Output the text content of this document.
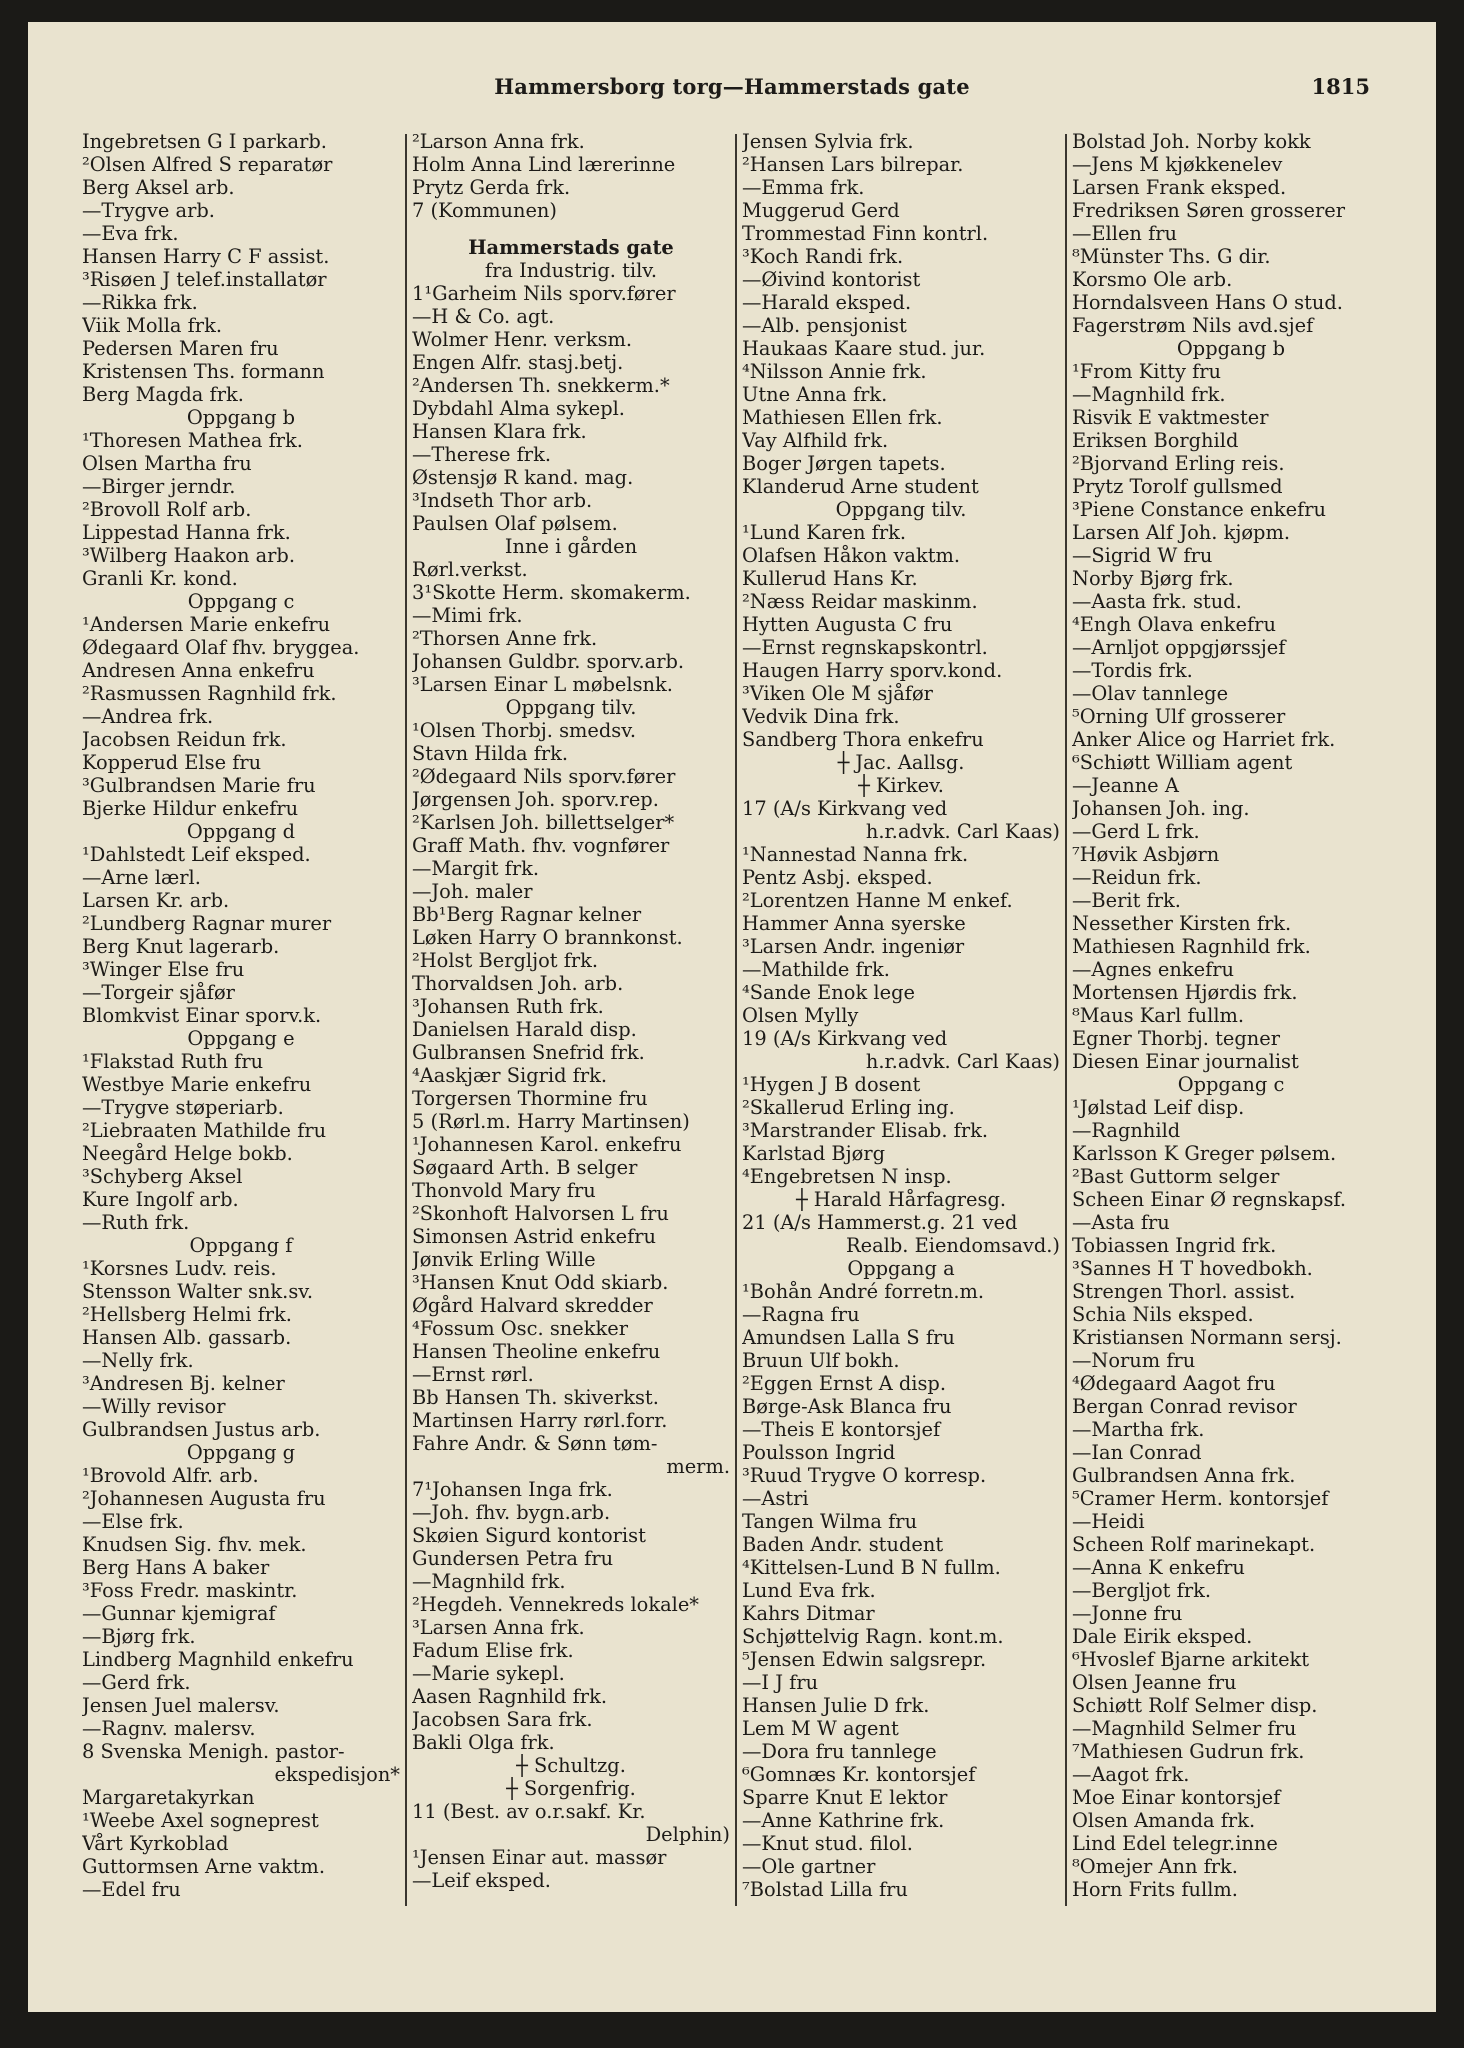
Hammersborg torg—Hammerstads gate	1815
Ingebretsen G I parkarb.
²Olsen Alfred S reparatør
Berg Aksel arb.
—Trygve arb.
—Eva frk.
Hansen Harry C F assist.
³Risøen J telef.installatør
—Rikka frk.
Viik Molla frk.
Pedersen Maren fru
Kristensen Ths. formann
Berg Magda frk.
Oppgang b
¹Thoresen Mathea frk.
Olsen Martha fru
—Birger jerndr.
²Brovoll Rolf arb.
Lippestad Hanna frk.
³Wilberg Haakon arb.
Granli Kr. kond.
Oppgang c
¹Andersen Marie enkefru
Ødegaard Olaf fhv. bryggea.
Andresen Anna enkefru
²Rasmussen Ragnhild frk.
—Andrea frk.
Jacobsen Reidun frk.
Kopperud Else fru
³Gulbrandsen Marie fru
Bjerke Hildur enkefru
Oppgang d
¹Dahlstedt Leif eksped.
—Arne lærl.
Larsen Kr. arb.
²Lundberg Ragnar murer
Berg Knut lagerarb.
³Winger Else fru
—Torgeir sjåfør
Blomkvist Einar sporv.k.
Oppgang e
¹Flakstad Ruth fru
Westbye Marie enkefru
—Trygve støperiarb.
²Liebraaten Mathilde fru
Neegård Helge bokb.
³Schyberg Aksel
Kure Ingolf arb.
—Ruth frk.
Oppgang f
¹Korsnes Ludv. reis.
Stensson Walter snk.sv.
²Hellsberg Helmi frk.
Hansen Alb. gassarb.
—Nelly frk.
³Andresen Bj. kelner
—Willy revisor
Gulbrandsen Justus arb.
Oppgang g
¹Brovold Alfr. arb.
²Johannesen Augusta fru
—Else frk.
Knudsen Sig. fhv. mek.
Berg Hans A baker
³Foss Fredr. maskintr.
—Gunnar kjemigraf
—Bjørg frk.
Lindberg Magnhild enkefru
—Gerd frk.
Jensen Juel malersv.
—Ragnv. malersv.
8 Svenska Menigh. pastor-
ekspedisjon*
Margaretakyrkan
¹Weebe Axel sogneprest
Vårt Kyrkoblad
Guttormsen Arne vaktm.
—Edel fru
²Larson Anna frk.
Holm Anna Lind lærerinne
Prytz Gerda frk.
7 (Kommunen)
Hammerstads gate
fra Industrig. tilv.
1¹Garheim Nils sporv.fører
—H & Co. agt.
Wolmer Henr. verksm.
Engen Alfr. stasj.betj.
²Andersen Th. snekkerm.*
Dybdahl Alma sykepl.
Hansen Klara frk.
—Therese frk.
Østensjø R kand. mag.
³Indseth Thor arb.
Paulsen Olaf pølsem.
Inne i gården
Rørl.verkst.
3¹Skotte Herm. skomakerm.
—Mimi frk.
²Thorsen Anne frk.
Johansen Guldbr. sporv.arb.
³Larsen Einar L møbelsnk.
Oppgang tilv.
¹Olsen Thorbj. smedsv.
Stavn Hilda frk.
²Ødegaard Nils sporv.fører
Jørgensen Joh. sporv.rep.
²Karlsen Joh. billettselger*
Graff Math. fhv. vognfører
—Margit frk.
—Joh. maler
Bb¹Berg Ragnar kelner
Løken Harry O brannkonst.
²Holst Bergljot frk.
Thorvaldsen Joh. arb.
³Johansen Ruth frk.
Danielsen Harald disp.
Gulbransen Snefrid frk.
⁴Aaskjær Sigrid frk.
Torgersen Thormine fru
5 (Rørl.m. Harry Martinsen)
¹Johannesen Karol. enkefru
Søgaard Arth. B selger
Thonvold Mary fru
²Skonhoft Halvorsen L fru
Simonsen Astrid enkefru
Jønvik Erling Wille
³Hansen Knut Odd skiarb.
Øgård Halvard skredder
⁴Fossum Osc. snekker
Hansen Theoline enkefru
—Ernst rørl.
Bb Hansen Th. skiverkst.
Martinsen Harry rørl.forr.
Fahre Andr. & Sønn tøm-
merm.
7¹Johansen Inga frk.
—Joh. fhv. bygn.arb.
Skøien Sigurd kontorist
Gundersen Petra fru
—Magnhild frk.
²Hegdeh. Vennekreds lokale*
³Larsen Anna frk.
Fadum Elise frk.
—Marie sykepl.
Aasen Ragnhild frk.
Jacobsen Sara frk.
Bakli Olga frk.
┼ Schultzg.
┼ Sorgenfrig.
11 (Best. av o.r.sakf. Kr.
Delphin)
¹Jensen Einar aut. massør
—Leif eksped.
Jensen Sylvia frk.
²Hansen Lars bilrepar.
—Emma frk.
Muggerud Gerd
Trommestad Finn kontrl.
³Koch Randi frk.
—Øivind kontorist
—Harald eksped.
—Alb. pensjonist
Haukaas Kaare stud. jur.
⁴Nilsson Annie frk.
Utne Anna frk.
Mathiesen Ellen frk.
Vay Alfhild frk.
Boger Jørgen tapets.
Klanderud Arne student
Oppgang tilv.
¹Lund Karen frk.
Olafsen Håkon vaktm.
Kullerud Hans Kr.
²Næss Reidar maskinm.
Hytten Augusta C fru
—Ernst regnskapskontrl.
Haugen Harry sporv.kond.
³Viken Ole M sjåfør
Vedvik Dina frk.
Sandberg Thora enkefru
┼ Jac. Aallsg.
┼ Kirkev.
17 (A/s Kirkvang ved
h.r.advk. Carl Kaas)
¹Nannestad Nanna frk.
Pentz Asbj. eksped.
²Lorentzen Hanne M enkef.
Hammer Anna syerske
³Larsen Andr. ingeniør
—Mathilde frk.
⁴Sande Enok lege
Olsen Mylly
19 (A/s Kirkvang ved
h.r.advk. Carl Kaas)
¹Hygen J B dosent
²Skallerud Erling ing.
³Marstrander Elisab. frk.
Karlstad Bjørg
⁴Engebretsen N insp.
┼ Harald Hårfagresg.
21 (A/s Hammerst.g. 21 ved
Realb. Eiendomsavd.)
Oppgang a
¹Bohån André forretn.m.
—Ragna fru
Amundsen Lalla S fru
Bruun Ulf bokh.
²Eggen Ernst A disp.
Børge-Ask Blanca fru
—Theis E kontorsjef
Poulsson Ingrid
³Ruud Trygve O korresp.
—Astri
Tangen Wilma fru
Baden Andr. student
⁴Kittelsen-Lund B N fullm.
Lund Eva frk.
Kahrs Ditmar
Schjøttelvig Ragn. kont.m.
⁵Jensen Edwin salgsrepr.
—I J fru
Hansen Julie D frk.
Lem M W agent
—Dora fru tannlege
⁶Gomnæs Kr. kontorsjef
Sparre Knut E lektor
—Anne Kathrine frk.
—Knut stud. filol.
—Ole gartner
⁷Bolstad Lilla fru
Bolstad Joh. Norby kokk
—Jens M kjøkkenelev
Larsen Frank eksped.
Fredriksen Søren grosserer
—Ellen fru
⁸Münster Ths. G dir.
Korsmo Ole arb.
Horndalsveen Hans O stud.
Fagerstrøm Nils avd.sjef
Oppgang b
¹From Kitty fru
—Magnhild frk.
Risvik E vaktmester
Eriksen Borghild
²Bjorvand Erling reis.
Prytz Torolf gullsmed
³Piene Constance enkefru
Larsen Alf Joh. kjøpm.
—Sigrid W fru
Norby Bjørg frk.
—Aasta frk. stud.
⁴Engh Olava enkefru
—Arnljot oppgjørssjef
—Tordis frk.
—Olav tannlege
⁵Orning Ulf grosserer
Anker Alice og Harriet frk.
⁶Schiøtt William agent
—Jeanne A
Johansen Joh. ing.
—Gerd L frk.
⁷Høvik Asbjørn
—Reidun frk.
—Berit frk.
Nessether Kirsten frk.
Mathiesen Ragnhild frk.
—Agnes enkefru
Mortensen Hjørdis frk.
⁸Maus Karl fullm.
Egner Thorbj. tegner
Diesen Einar journalist
Oppgang c
¹Jølstad Leif disp.
—Ragnhild
Karlsson K Greger pølsem.
²Bast Guttorm selger
Scheen Einar Ø regnskapsf.
—Asta fru
Tobiassen Ingrid frk.
³Sannes H T hovedbokh.
Strengen Thorl. assist.
Schia Nils eksped.
Kristiansen Normann sersj.
—Norum fru
⁴Ødegaard Aagot fru
Bergan Conrad revisor
—Martha frk.
—Ian Conrad
Gulbrandsen Anna frk.
⁵Cramer Herm. kontorsjef
—Heidi
Scheen Rolf marinekapt.
—Anna K enkefru
—Bergljot frk.
—Jonne fru
Dale Eirik eksped.
⁶Hvoslef Bjarne arkitekt
Olsen Jeanne fru
Schiøtt Rolf Selmer disp.
—Magnhild Selmer fru
⁷Mathiesen Gudrun frk.
—Aagot frk.
Moe Einar kontorsjef
Olsen Amanda frk.
Lind Edel telegr.inne
⁸Omejer Ann frk.
Horn Frits fullm.
